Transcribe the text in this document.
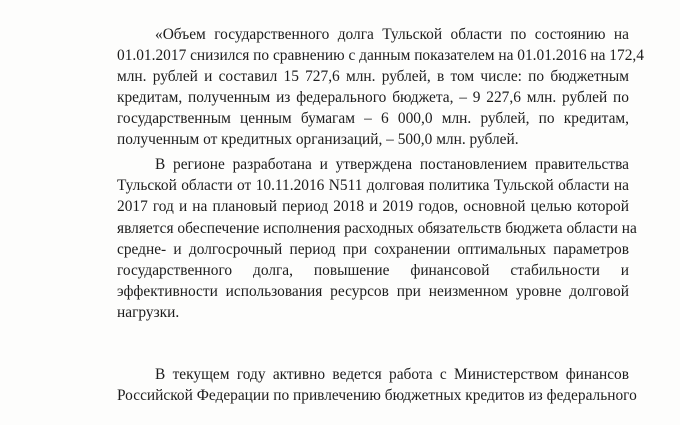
«Объем государственного долга Тульской области по состоянию на
01.01.2017 снизился по сравнению с данным показателем на 01.01.2016 на 172,4
млн. рублей и составил 15 727,6 млн. рублей, в том числе: по бюджетным
кредитам, полученным из федерального бюджета, – 9 227,6 млн. рублей по
государственным ценным бумагам – 6 000,0 млн. рублей, по кредитам,
полученным от кредитных организаций, – 500,0 млн. рублей.
В регионе разработана и утверждена постановлением правительства
Тульской области от 10.11.2016 N511 долговая политика Тульской области на
2017 год и на плановый период 2018 и 2019 годов, основной целью которой
является обеспечение исполнения расходных обязательств бюджета области на
средне- и долгосрочный период при сохранении оптимальных параметров
государственного долга, повышение финансовой стабильности и
эффективности использования ресурсов при неизменном уровне долговой
нагрузки.
В текущем году активно ведется работа с Министерством финансов
Российской Федерации по привлечению бюджетных кредитов из федерального
